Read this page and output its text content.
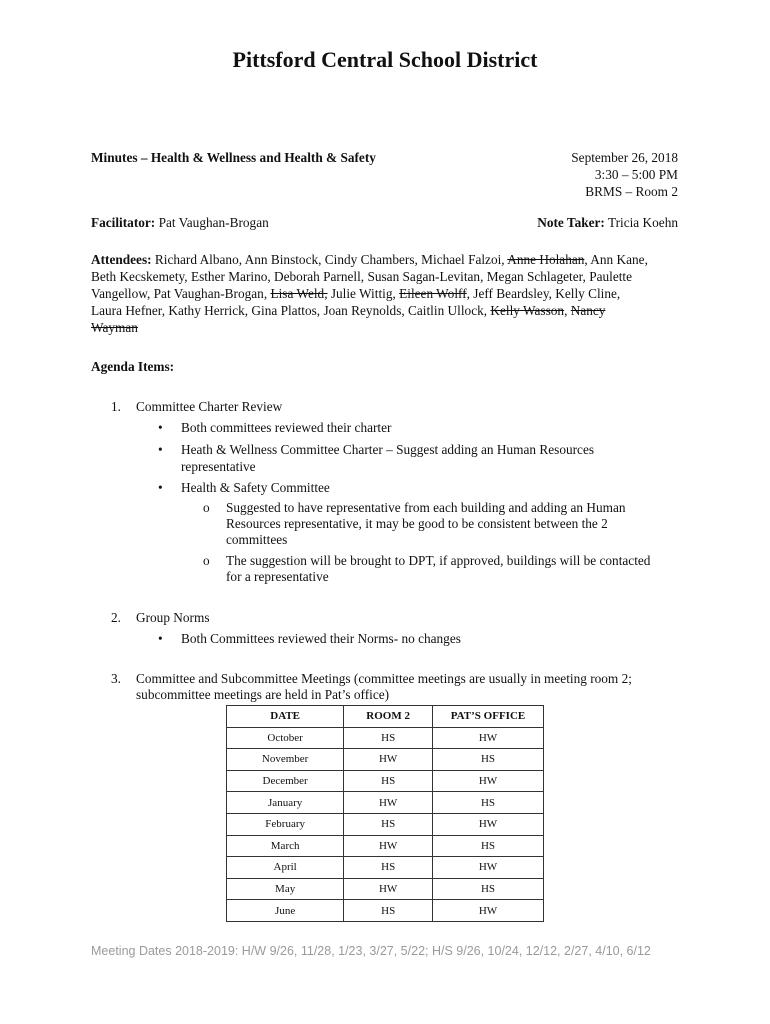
Pittsford Central School District
Minutes – Health & Wellness and Health & Safety	September 26, 2018
3:30 – 5:00 PM
BRMS – Room 2
Facilitator: Pat Vaughan-Brogan	Note Taker: Tricia Koehn
Attendees: Richard Albano, Ann Binstock, Cindy Chambers, Michael Falzoi, Anne Holahan, Ann Kane,
Beth Kecskemety, Esther Marino, Deborah Parnell, Susan Sagan-Levitan, Megan Schlageter, Paulette
Vangellow, Pat Vaughan-Brogan, Lisa Weld, Julie Wittig, Eileen Wolff, Jeff Beardsley, Kelly Cline,
Laura Hefner, Kathy Herrick, Gina Plattos, Joan Reynolds, Caitlin Ullock, Kelly Wasson, Nancy
Wayman
Agenda Items:
1. Committee Charter Review
• Both committees reviewed their charter
• Heath & Wellness Committee Charter – Suggest adding an Human Resources
representative
• Health & Safety Committee
o Suggested to have representative from each building and adding an Human
Resources representative, it may be good to be consistent between the 2
committees
o The suggestion will be brought to DPT, if approved, buildings will be contacted
for a representative
2. Group Norms
• Both Committees reviewed their Norms- no changes
3. Committee and Subcommittee Meetings (committee meetings are usually in meeting room 2;
subcommittee meetings are held in Pat’s office)
DATE	ROOM 2	PAT’S OFFICE
October	HS	HW
November	HW	HS
December	HS	HW
January	HW	HS
February	HS	HW
March	HW	HS
April	HS	HW
May	HW	HS
June	HS	HW
Meeting Dates 2018-2019: H/W 9/26, 11/28, 1/23, 3/27, 5/22; H/S 9/26, 10/24, 12/12, 2/27, 4/10, 6/12
